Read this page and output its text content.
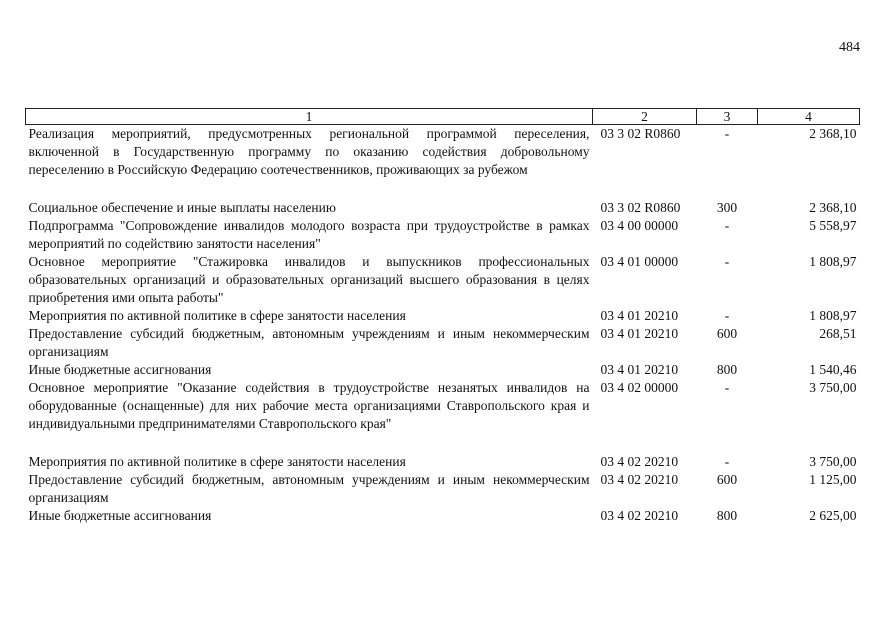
484
1	2	3	4
Реализация мероприятий, предусмотренных региональной программой переселения, включенной в Государственную программу по оказанию содействия добровольному переселению в Российскую Федерацию соотечественников, проживающих за рубежом	03 3 02 R0860	-	2 368,10
Социальное обеспечение и иные выплаты населению	03 3 02 R0860	300	2 368,10
Подпрограмма "Сопровождение инвалидов молодого возраста при трудоустройстве в рамках мероприятий по содействию занятости населения"	03 4 00 00000	-	5 558,97
Основное мероприятие "Стажировка инвалидов и выпускников профессиональных образовательных организаций и образовательных организаций высшего образования в целях приобретения ими опыта работы"	03 4 01 00000	-	1 808,97
Мероприятия по активной политике в сфере занятости населения	03 4 01 20210	-	1 808,97
Предоставление субсидий бюджетным, автономным учреждениям и иным некоммерческим организациям	03 4 01 20210	600	268,51
Иные бюджетные ассигнования	03 4 01 20210	800	1 540,46
Основное мероприятие "Оказание содействия в трудоустройстве незанятых инвалидов на оборудованные (оснащенные) для них рабочие места организациями Ставропольского края и индивидуальными предпринимателями Ставропольского края"	03 4 02 00000	-	3 750,00
Мероприятия по активной политике в сфере занятости населения	03 4 02 20210	-	3 750,00
Предоставление субсидий бюджетным, автономным учреждениям и иным некоммерческим организациям	03 4 02 20210	600	1 125,00
Иные бюджетные ассигнования	03 4 02 20210	800	2 625,00
